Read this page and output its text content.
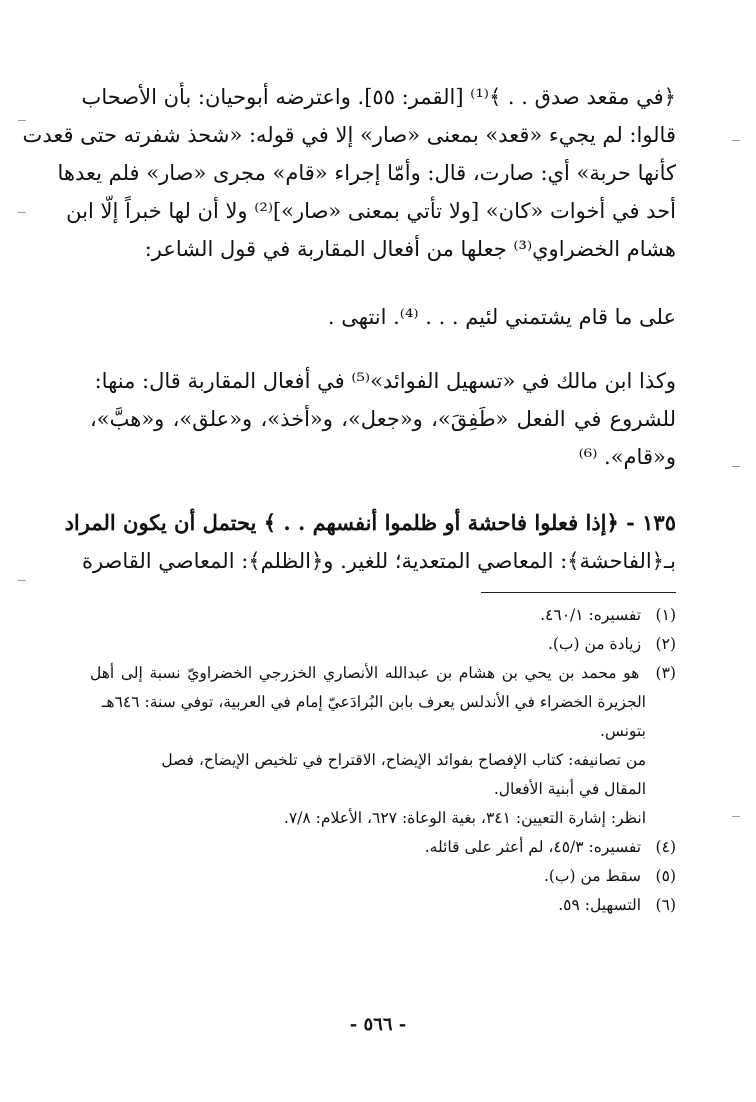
﴿في مقعد صدق . . ﴾⁽¹⁾ [القمر: ٥٥]. واعترضه أبوحيان: بأن الأصحاب
قالوا: لم يجيء «قعد» بمعنى «صار» إلا في قوله: «شحذ شفرته حتى قعدت
كأنها حربة» أي: صارت، قال: وأمّا إجراء «قام» مجرى «صار» فلم يعدها
أحد في أخوات «كان» [ولا تأتي بمعنى «صار»]⁽²⁾ ولا أن لها خبراً إلّا ابن
هشام الخضراوي⁽³⁾ جعلها من أفعال المقاربة في قول الشاعر:
على ما قام يشتمني لئيم . . . ⁽⁴⁾. انتهى .
وكذا ابن مالك في «تسهيل الفوائد»⁽⁵⁾ في أفعال المقاربة قال: منها:
للشروع في الفعل «طَفِقَ»، و«جعل»، و«أخذ»، و«علق»، و«هبَّ»،
و«قام». ⁽⁶⁾
١٣٥ - ﴿إذا فعلوا فاحشة أو ظلموا أنفسهم . . ﴾ يحتمل أن يكون المراد
بـ﴿الفاحشة﴾: المعاصي المتعدية؛ للغير. و﴿الظلم﴾: المعاصي القاصرة
(١) تفسيره: ٤٦٠/١.
(٢) زيادة من (ب).
(٣) هو محمد بن يحي بن هشام بن عبدالله الأنصاري الخزرجي الخضراويّ نسبة إلى أهل
الجزيرة الخضراء في الأندلس يعرف بابن البُرادَعيّ إمام في العربية، توفي سنة: ٦٤٦هـ
بتونس.
من تصانيفه: كتاب الإفصاح بفوائد الإيضاح، الاقتراح في تلخيص الإيضاح، فصل
المقال في أبنية الأفعال.
انظر: إشارة التعيين: ٣٤١، بغية الوعاة: ٦٢٧، الأعلام: ٧/٨.
(٤) تفسيره: ٤٥/٣، لم أعثر على قائله.
(٥) سقط من (ب).
(٦) التسهيل: ٥٩.
- ٥٦٦ -
